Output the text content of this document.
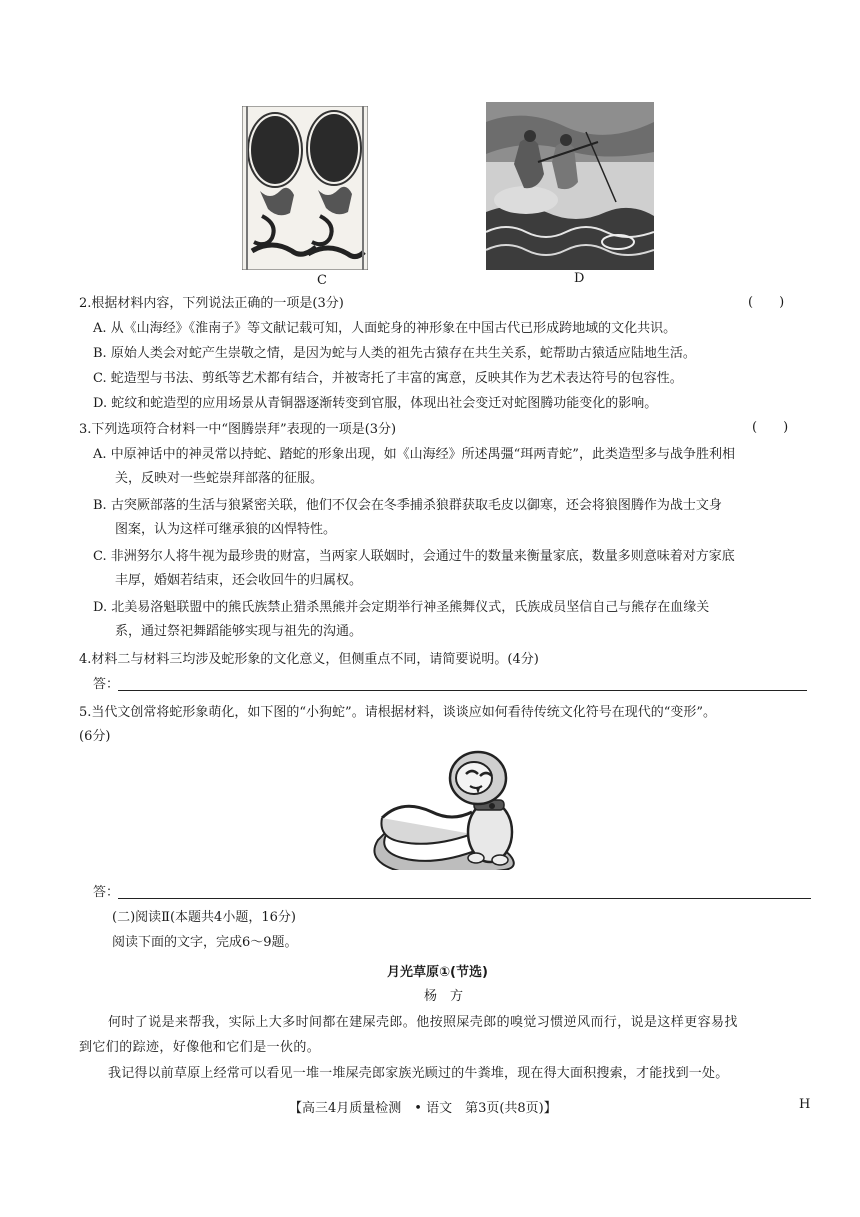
C	D
2.根据材料内容，下列说法正确的一项是(3分)	(　　)
A. 从《山海经》《淮南子》等文献记载可知，人面蛇身的神形象在中国古代已形成跨地域的文化共识。
B. 原始人类会对蛇产生崇敬之情，是因为蛇与人类的祖先古猿存在共生关系，蛇帮助古猿适应陆地生活。
C. 蛇造型与书法、剪纸等艺术都有结合，并被寄托了丰富的寓意，反映其作为艺术表达符号的包容性。
D. 蛇纹和蛇造型的应用场景从青铜器逐渐转变到官服，体现出社会变迁对蛇图腾功能变化的影响。
3.下列选项符合材料一中“图腾崇拜”表现的一项是(3分)	(　　)
A. 中原神话中的神灵常以持蛇、踏蛇的形象出现，如《山海经》所述禺彊“珥两青蛇”，此类造型多与战争胜利相
关，反映对一些蛇崇拜部落的征服。
B. 古突厥部落的生活与狼紧密关联，他们不仅会在冬季捕杀狼群获取毛皮以御寒，还会将狼图腾作为战士文身
图案，认为这样可继承狼的凶悍特性。
C. 非洲努尔人将牛视为最珍贵的财富，当两家人联姻时，会通过牛的数量来衡量家底，数量多则意味着对方家底
丰厚，婚姻若结束，还会收回牛的归属权。
D. 北美易洛魁联盟中的熊氏族禁止猎杀黑熊并会定期举行神圣熊舞仪式，氏族成员坚信自己与熊存在血缘关
系，通过祭祀舞蹈能够实现与祖先的沟通。
4.材料二与材料三均涉及蛇形象的文化意义，但侧重点不同，请简要说明。(4分)
答：
5.当代文创常将蛇形象萌化，如下图的“小狗蛇”。请根据材料，谈谈应如何看待传统文化符号在现代的“变形”。
(6分)
答：
(二)阅读Ⅱ(本题共4小题，16分)
阅读下面的文字，完成6～9题。
月光草原①(节选)
杨　方
何时了说是来帮我，实际上大多时间都在建屎壳郎。他按照屎壳郎的嗅觉习惯逆风而行，说是这样更容易找
到它们的踪迹，好像他和它们是一伙的。
我记得以前草原上经常可以看见一堆一堆屎壳郎家族光顾过的牛粪堆，现在得大面积搜索，才能找到一处。
【高三4月质量检测　• 语文　第3页(共8页)】	H
